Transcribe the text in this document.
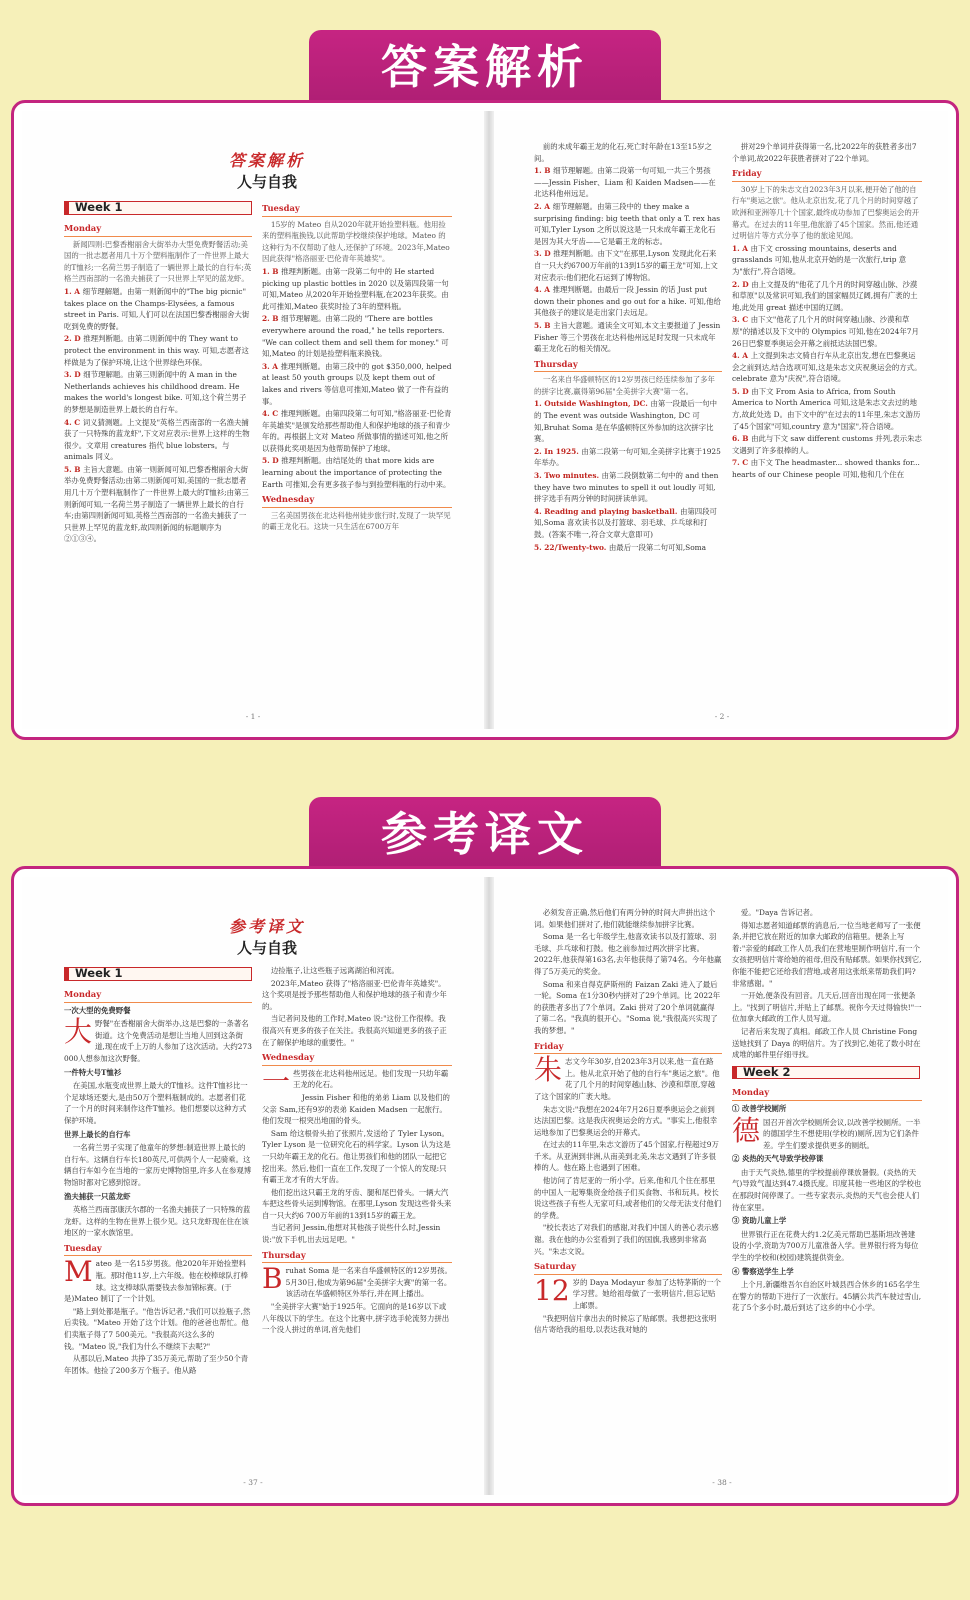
答案解析
答案解析
人与自我
Week 1
Monday

新闻四则:巴黎香榭丽舍大街举办大型免费野餐活动;美国的一批志愿者用几十万个塑料瓶制作了一件世界上最大的T恤衫;一名荷兰男子制造了一辆世界上最长的自行车;英格兰西南部的一名渔夫捕获了一只世界上罕见的蓝龙虾。

1. A 细节理解题。由第一则新闻中的"The big picnic" takes place on the Champs-Elysées, a famous street in Paris. 可知,人们可以在法国巴黎香榭丽舍大街吃到免费的野餐。

2. D 推理判断题。由第二则新闻中的 They want to protect the environment in this way. 可知,志愿者这样做是为了保护环境,让这个世界绿色环保。

3. D 细节理解题。由第三则新闻中的 A man in the Netherlands achieves his childhood dream. He makes the world's longest bike. 可知,这个荷兰男子的梦想是制造世界上最长的自行车。

4. C 词义猜测题。上文提及"英格兰西南部的一名渔夫捕获了一只特殊的蓝龙虾",下文对应表示:世界上这样的生物很少。文章用 creatures 指代 blue lobsters。与 animals 同义。

5. B 主旨大意题。由第一则新闻可知,巴黎香榭丽舍大街举办免费野餐活动;由第二则新闻可知,美国的一批志愿者用几十万个塑料瓶制作了一件世界上最大的T恤衫;由第三则新闻可知,一名荷兰男子制造了一辆世界上最长的自行车;由第四则新闻可知,英格兰西南部的一名渔夫捕获了一只世界上罕见的蓝龙虾,故四则新闻的标题顺序为②①③④。

Tuesday

15岁的 Mateo 自从2020年就开始捡塑料瓶。他用捡来的塑料瓶换钱,以此帮助学校继续保护地球。Mateo 的这种行为不仅帮助了他人,还保护了环境。2023年,Mateo 因此获得"格洛丽亚·巴伦青年英雄奖"。

1. B 推理判断题。由第一段第二句中的 He started picking up plastic bottles in 2020 以及第四段第一句可知,Mateo 从2020年开始捡塑料瓶,在2023年获奖。由此可推知,Mateo 获奖时捡了3年的塑料瓶。

2. B 细节理解题。由第二段的 "There are bottles everywhere around the road," he tells reporters. "We can collect them and sell them for money." 可知,Mateo 的计划是捡塑料瓶来换钱。

3. A 推理判断题。由第三段中的 got $350,000, helped at least 50 youth groups 以及 kept them out of lakes and rivers 等信息可推知,Mateo 做了一件有益的事。

4. C 推理判断题。由第四段第二句可知,"格洛丽亚·巴伦青年英雄奖"是颁发给那些帮助他人和保护地球的孩子和青少年的。再根据上文对 Mateo 所做事情的描述可知,他之所以获得此奖项是因为他帮助保护了地球。

5. D 推理判断题。由结尾处的 that more kids are learning about the importance of protecting the Earth 可推知,会有更多孩子参与到捡塑料瓶的行动中来。

Wednesday

三名美国男孩在北达科他州徒步旅行时,发现了一块罕见的霸王龙化石。这块一只生活在6700万年

- 1 -

前的未成年霸王龙的化石,死亡时年龄在13至15岁之间。

1. B 细节理解题。由第二段第一句可知,一共三个男孩——Jessin Fisher、Liam 和 Kaiden Madsen——在北达科他州远足。

2. A 细节理解题。由第三段中的 they make a surprising finding: big teeth that only a T. rex has 可知,Tyler Lyson 之所以说这是一只未成年霸王龙化石是因为其大牙齿——它是霸王龙的标志。

3. D 推理判断题。由下文"在那里,Lyson 发现此化石来自一只大约6700万年前的13到15岁的霸王龙"可知,上文对应表示:他们把化石运到了博物馆。

4. A 推理判断题。由最后一段 Jessin 的话 Just put down their phones and go out for a hike. 可知,他给其他孩子的建议是走出家门去远足。

5. B 主旨大意题。通读全文可知,本文主要报道了 Jessin Fisher 等三个男孩在北达科他州远足时发现一只未成年霸王龙化石的相关情况。

Thursday

一名来自华盛顿特区的12岁男孩已经连续参加了多年的拼字比赛,赢得第96届"全美拼字大赛"第一名。

1. Outside Washington, DC. 由第一段最后一句中的 The event was outside Washington, DC 可知,Bruhat Soma 是在华盛顿特区外参加的这次拼字比赛。

2. In 1925. 由第二段第一句可知,全美拼字比赛于1925年举办。

3. Two minutes. 由第二段倒数第二句中的 and then they have two minutes to spell it out loudly 可知,拼字选手有两分钟的时间拼读单词。

4. Reading and playing basketball. 由第四段可知,Soma 喜欢读书以及打篮球、羽毛球、乒乓球和打鼓。(答案不唯一,符合文章大意即可)

5. 22/Twenty-two. 由最后一段第二句可知,Soma

拼对29个单词并获得第一名,比2022年的获胜者多出7个单词,故2022年获胜者拼对了22个单词。

Friday

30岁上下的朱志文自2023年3月以来,便开始了他的自行车"奥运之旅"。他从北京出发,花了几个月的时间穿越了欧洲和亚洲等几十个国家,最终成功参加了巴黎奥运会的开幕式。在过去的11年里,他旅游了45个国家。然而,他还通过明信片等方式分享了他的旅途见闻。

1. A 由下文 crossing mountains, deserts and grasslands 可知,他从北京开始的是一次旅行,trip 意为"旅行",符合语境。

2. D 由上文提及的"他花了几个月的时间穿越山脉、沙漠和草原"以及常识可知,我们的国家幅员辽阔,拥有广袤的土地,此处用 great 描述中国的辽阔。

3. C 由下文"他花了几个月的时间穿越山脉、沙漠和草原"的描述以及下文中的 Olympics 可知,他在2024年7月26日巴黎夏季奥运会开幕之前抵达法国巴黎。

4. A 上文提到朱志文骑自行车从北京出发,想在巴黎奥运会之前到达,结合选项可知,这是朱志文庆祝奥运会的方式。celebrate 意为"庆祝",符合语境。

5. D 由下文 From Asia to Africa, from South America to North America 可知,这是朱志文去过的地方,故此处选 D。由下文中的"在过去的11年里,朱志文游历了45个国家"可知,country 意为"国家",符合语境。

6. B 由此与下文 saw different customs 并列,表示朱志文遇到了许多很棒的人。

7. C 由下文 The headmaster... showed thanks for... hearts of our Chinese people 可知,他和几个住在

- 2 -
参考译文
参考译文
人与自我
Week 1
Monday
一次大型的免费野餐

大野餐"在香榭丽舍大街举办,这是巴黎的一条著名街道。这个免费活动是想让当地人回到这条街道,现在成千上万的人参加了这次活动。大约273 000人想参加这次野餐。

一件特大号T恤衫

在美国,水瓶变成世界上最大的T恤衫。这件T恤衫比一个足球场还要大,是由50万个塑料瓶制成的。志愿者们花了一个月的时间来制作这件T恤衫。他们想要以这种方式保护环境。

世界上最长的自行车

一名荷兰男子实现了他童年的梦想:制造世界上最长的自行车。这辆自行车长180英尺,可供两个人一起骑乘。这辆自行车如今在当地的一家历史博物馆里,许多人在参观博物馆时都对它感到惊讶。

渔夫捕获一只蓝龙虾

英格兰西南部康沃尔郡的一名渔夫捕获了一只特殊的蓝龙虾。这样的生物在世界上很少见。这只龙虾现在住在该地区的一家水族馆里。

Tuesday

Mateo 是一名15岁男孩。他2020年开始捡塑料瓶。那时他11岁,上六年级。他在校棒球队打棒球。这支棒球队需要钱去参加锦标赛。(于是)Mateo 制订了一个计划。

"路上到处都是瓶子。"他告诉记者,"我们可以捡瓶子,然后卖钱。"Mateo 开始了这个计划。他的爸爸也帮忙。他们卖瓶子得了7 500美元。"我很高兴这么多的钱。"Mateo 说,"我们为什么不继续下去呢?"

从那以后,Mateo 共挣了35万美元,帮助了至少50个青年团体。他捡了200多万个瓶子。他从路

边捡瓶子,让这些瓶子远离湖泊和河流。

2023年,Mateo 获得了"格洛丽亚·巴伦青年英雄奖"。这个奖项是授予那些帮助他人和保护地球的孩子和青少年的。

当记者问及他的工作时,Mateo 说:"这份工作很棒。我很高兴有更多的孩子在关注。我很高兴知道更多的孩子正在了解保护地球的重要性。"

Wednesday

一些男孩在北达科他州远足。他们发现一只幼年霸王龙的化石。

Jessin Fisher 和他的弟弟 Liam 以及他们的父亲 Sam,还有9岁的表弟 Kaiden Madsen 一起旅行。他们发现一根突出地面的骨头。

Sam 给这根骨头拍了张照片,发送给了 Tyler Lyson。Tyler Lyson 是一位研究化石的科学家。Lyson 认为这是一只幼年霸王龙的化石。他让男孩们和他的团队一起把它挖出来。然后,他们一直在工作,发现了一个惊人的发现:只有霸王龙才有的大牙齿。

他们挖出这只霸王龙的牙齿、腿和尾巴骨头。一辆大汽车把这些骨头运到博物馆。在那里,Lyson 发现这些骨头来自一只大约6 700万年前的13到15岁的霸王龙。

当记者问 Jessin,他想对其他孩子说些什么时,Jessin 说:"放下手机,出去远足吧。"

Thursday

Bruhat Soma 是一名来自华盛顿特区的12岁男孩。5月30日,他成为第96届"全美拼字大赛"的第一名。该活动在华盛顿特区外举行,并在网上播出。

"全美拼字大赛"始于1925年。它面向的是16岁以下或八年级以下的学生。在这个比赛中,拼字选手轮流努力拼出一个没人拼过的单词,首先他们

- 37 -

必须发音正确,然后他们有两分钟的时间大声拼出这个词。如果他们拼对了,他们就能继续参加拼字比赛。

Soma 是一名七年级学生,他喜欢读书以及打篮球、羽毛球、乒乓球和打鼓。他之前参加过两次拼字比赛。2022年,他获得第163名,去年他获得了第74名。今年他赢得了5万美元的奖金。

Soma 和来自得克萨斯州的 Faizan Zaki 进入了最后一轮。Soma 在1分30秒内拼对了29个单词。比 2022年的获胜者多出了7个单词。Zaki 拼对了20个单词就赢得了第二名。"我真的很开心。"Soma 说,"我很高兴实现了我的梦想。"

Friday

朱志文今年30岁,自2023年3月以来,他一直在路上。他从北京开始了他的自行车"奥运之旅"。他花了几个月的时间穿越山脉、沙漠和草原,穿越了这个国家的广袤大地。

朱志文说:"我想在2024年7月26日夏季奥运会之前到达法国巴黎。这是我庆祝奥运会的方式。"事实上,他很幸运地参加了巴黎奥运会的开幕式。

在过去的11年里,朱志文游历了45个国家,行程超过9万千米。从亚洲到非洲,从南美到北美,朱志文遇到了许多很棒的人。他在路上也遇到了困难。

他访问了肯尼亚的一所小学。后来,他和几个住在那里的中国人一起筹集资金给孩子们买食物、书和玩具。校长说这些孩子有些人无家可归,或者他们的父母无法支付他们的学费。

"校长表达了对我们的感谢,对我们中国人的善心表示感谢。我在他的办公室看到了我们的国旗,我感到非常高兴。"朱志文说。

Saturday

12 岁的 Daya Modayur 参加了达特茅斯的一个学习营。她给祖母做了一张明信片,但忘记贴上邮票。

"我把明信片拿出去的时候忘了贴邮票。我想把这张明信片寄给我的祖母,以表达我对她的

爱。"Daya 告诉记者。

得知志愿者知道邮票的消息后,一位当地老师写了一张便条,并把它放在附近的加拿大邮政的信箱里。便条上写着:"亲爱的邮政工作人员,我们在营地里制作明信片,有一个女孩把明信片寄给她的祖母,但没有贴邮票。如果你找到它,你能不能把它还给我们营地,或者用这张纸来帮助我们吗?非常感谢。"

一开始,便条没有回音。几天后,回音出现在同一张便条上。"找到了明信片,并贴上了邮票。祝你今天过得愉快!"一位加拿大邮政的工作人员写道。

记者后来发现了真相。邮政工作人员 Christine Fong 送她找到了 Daya 的明信片。为了找到它,她花了数小时在成堆的邮件里仔细寻找。

Week 2
Monday
① 改善学校厕所

德国召开首次学校厕所会议,以改善学校厕所。一半的德国学生不想使用(学校的)厕所,因为它们条件差。学生们要求提供更多的厕纸。

② 炎热的天气导致学校停课

由于天气炎热,德里的学校提前停课放暑假。(炎热的天气)导致气温达到47.4摄氏度。印度其他一些地区的学校也在那段时间停课了。一些专家表示,炎热的天气也会使人们待在家里。

③ 资助儿童上学

世界银行正在花费大约1.2亿美元帮助巴基斯坦改善建设的小学,资助为700万儿童准备入学。世界银行将为每位学生的学校和(校园)建筑提供资金。

④ 警察送学生上学

上个月,新疆维吾尔自治区叶城县西合休乡的165名学生在警方的帮助下进行了一次旅行。45辆公共汽车驶过雪山,花了5个多小时,最后到达了这乡的中心小学。

- 38 -
